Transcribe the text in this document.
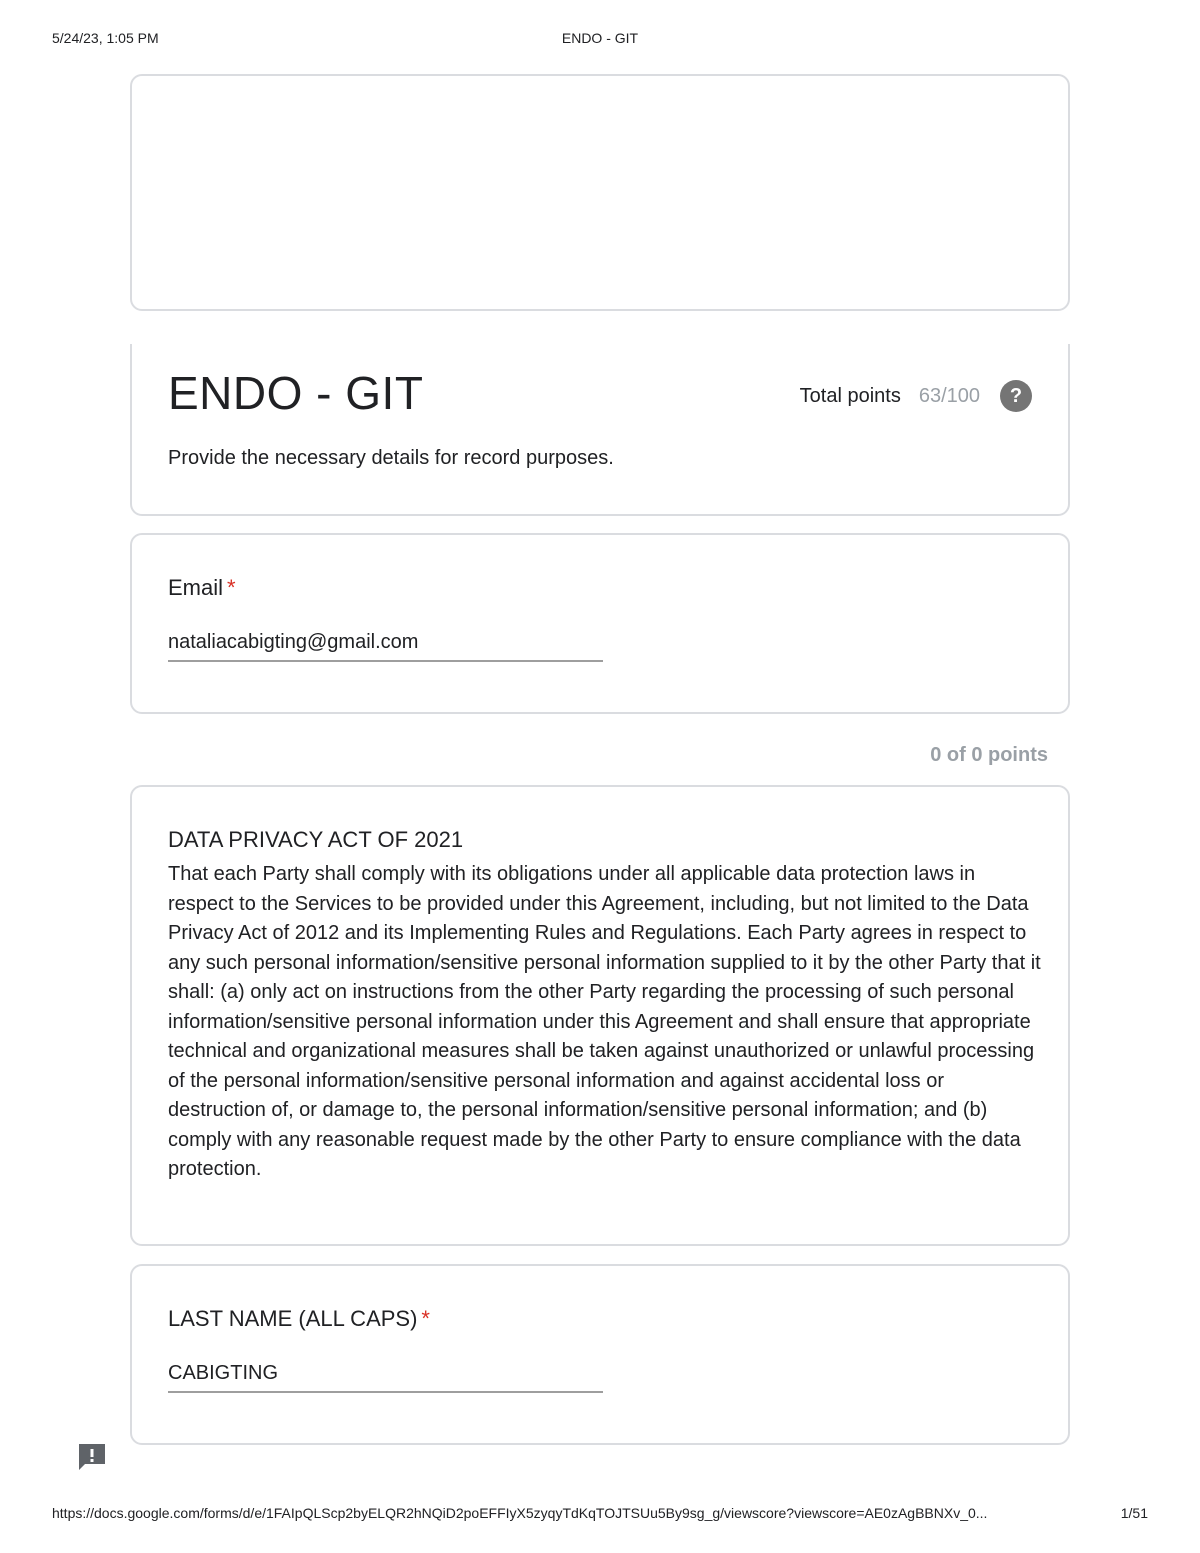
5/24/23, 1:05 PM	ENDO - GIT
ENDO - GIT	Total points 63/100	?
Provide the necessary details for record purposes.
Email *
nataliacabigting@gmail.com
0 of 0 points
DATA PRIVACY ACT OF 2021
That each Party shall comply with its obligations under all applicable data protection laws in respect to the Services to be provided under this Agreement, including, but not limited to the Data Privacy Act of 2012 and its Implementing Rules and Regulations. Each Party agrees in respect to any such personal information/sensitive personal information supplied to it by the other Party that it shall: (a) only act on instructions from the other Party regarding the processing of such personal information/sensitive personal information under this Agreement and shall ensure that appropriate technical and organizational measures shall be taken against unauthorized or unlawful processing of the personal information/sensitive personal information and against accidental loss or destruction of, or damage to, the personal information/sensitive personal information; and (b) comply with any reasonable request made by the other Party to ensure compliance with the data protection.
LAST NAME (ALL CAPS) *
CABIGTING
https://docs.google.com/forms/d/e/1FAIpQLScp2byELQR2hNQiD2poEFFIyX5zyqyTdKqTOJTSUu5By9sg_g/viewscore?viewscore=AE0zAgBBNXv_0...	1/51
